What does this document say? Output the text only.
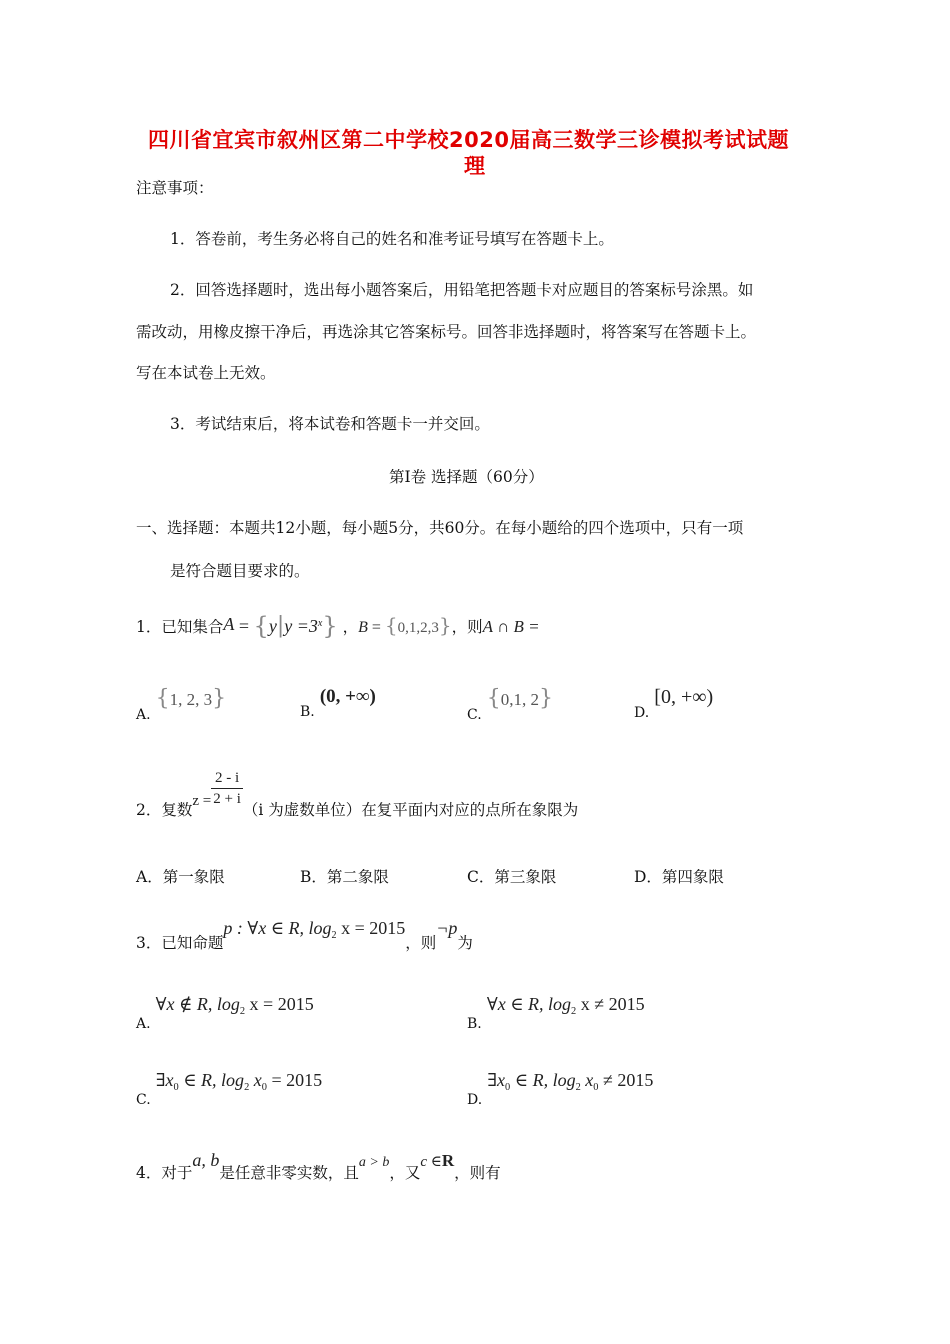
四川省宜宾市叙州区第二中学校2020届高三数学三诊模拟考试试题
理
注意事项：
1．答卷前，考生务必将自己的姓名和准考证号填写在答题卡上。
2．回答选择题时，选出每小题答案后，用铅笔把答题卡对应题目的答案标号涂黑。如
需改动，用橡皮擦干净后，再选涂其它答案标号。回答非选择题时，将答案写在答题卡上。
写在本试卷上无效。
3．考试结束后，将本试卷和答题卡一并交回。
第I卷 选择题（60分）
一、选择题：本题共12小题，每小题5分，共60分。在每小题给的四个选项中，只有一项
是符合题目要求的。
1．已知集合$A = \{y|y =3^x\}$ ，B = {0,1,2,3}，则A ∩ B =
A. {1, 2, 3}
B. (0, +∞)
C. {0,1, 2}
D. [0, +∞)
2．复数$z = \frac{2 - i}{2 + i}$
（i 为虚数单位）在复平面内对应的点所在象限为
A．第一象限	B．第二象限	C．第三象限	D．第四象限
3．已知命题p : ∀x ∈ R, $\log_2 x = 2015$，则¬p为
A. ∀x ∉ R, $\log_2 x = 2015$
B. ∀x ∈ R, $\log_2 x \ne 2015$
C. $\exists x_0$ ∈ R, $\log_2 x_0 = 2015$
D. $\exists x_0$ ∈ R, $\log_2 x_0 \ne 2015$
4．对于a, b是任意非零实数，且a > b，又c ∈R，则有
